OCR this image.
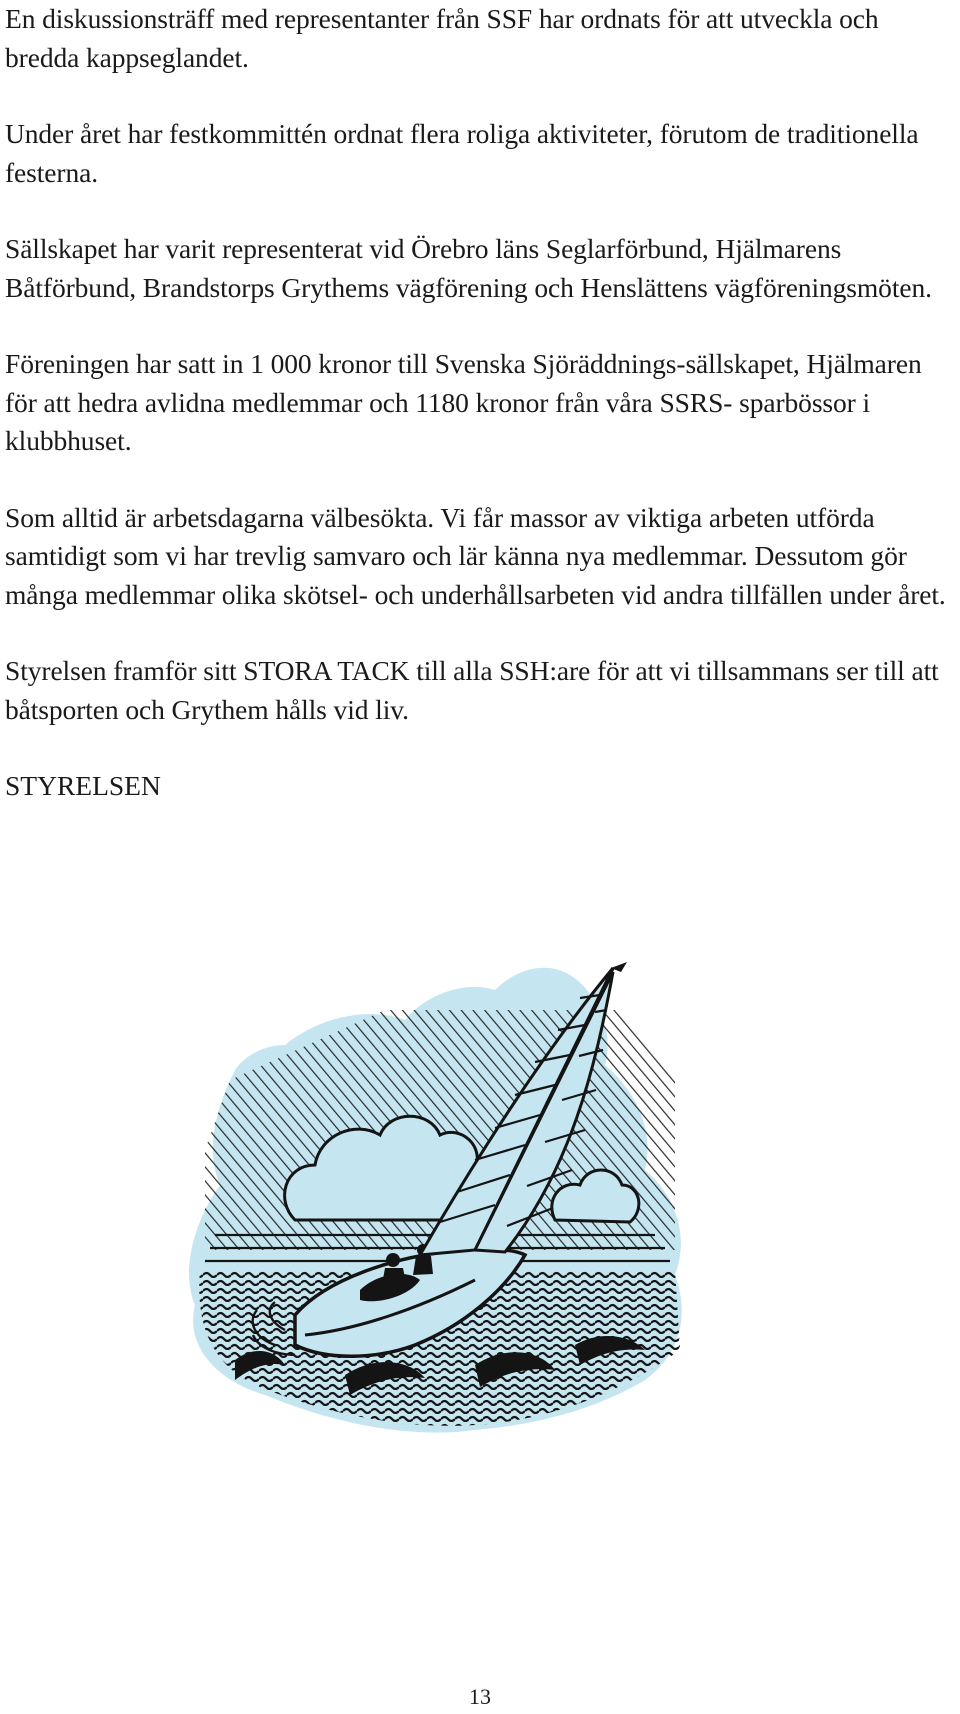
En diskussionsträff med representanter från SSF har ordnats för att utveckla och bredda kappseglandet.

Under året har festkommittén ordnat flera roliga aktiviteter, förutom de traditionella festerna.

Sällskapet har varit representerat vid Örebro läns Seglarförbund, Hjälmarens Båtförbund, Brandstorps Grythems vägförening och Henslättens vägföreningsmöten.

Föreningen har satt in 1 000 kronor till Svenska Sjöräddnings-sällskapet, Hjälmaren för att hedra avlidna medlemmar och 1180 kronor från våra SSRS- sparbössor i klubbhuset.

Som alltid är arbetsdagarna välbesökta. Vi får massor av viktiga arbeten utförda samtidigt som vi har trevlig samvaro och lär känna nya medlemmar. Dessutom gör många medlemmar olika skötsel- och underhållsarbeten vid andra tillfällen under året.

Styrelsen framför sitt STORA TACK till alla SSH:are för att vi tillsammans ser till att båtsporten och Grythem hålls vid liv.

STYRELSEN

13
